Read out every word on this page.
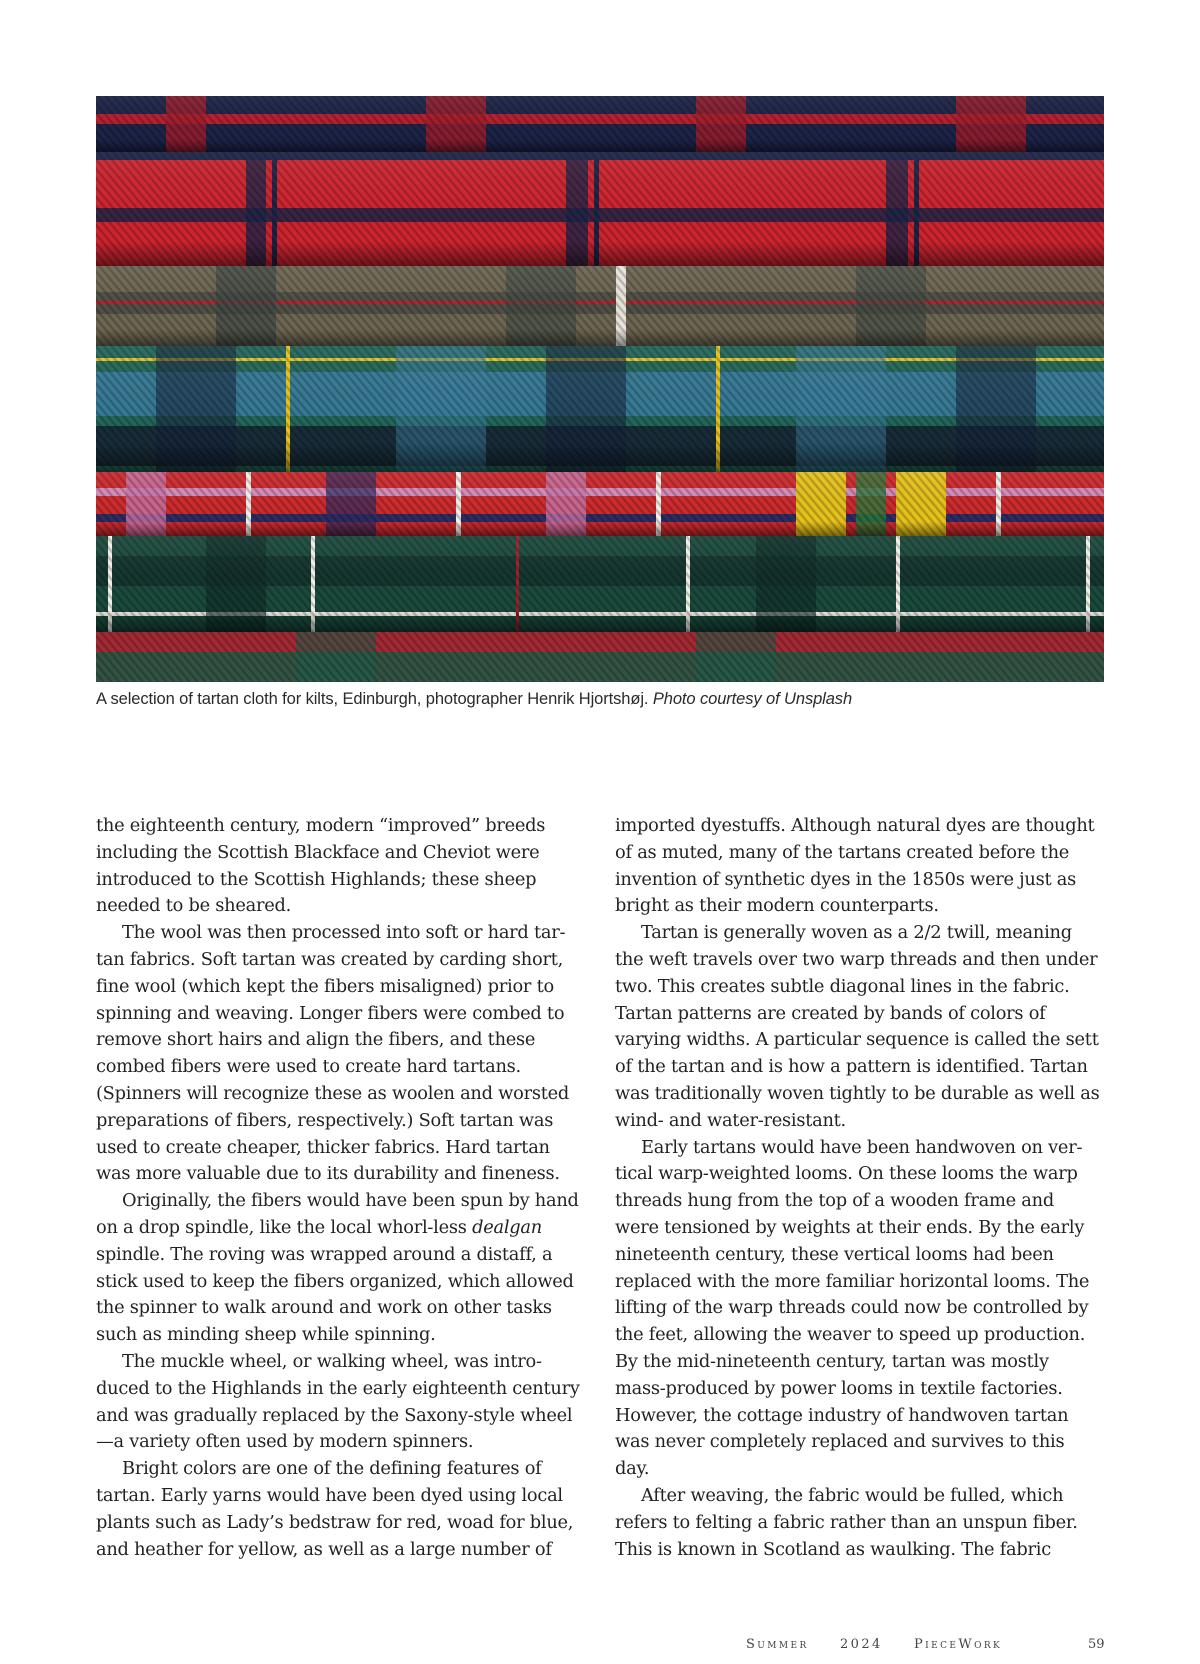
A selection of tartan cloth for kilts, Edinburgh, photographer Henrik Hjortshøj. Photo courtesy of Unsplash

the eighteenth century, modern “improved” breeds including the Scottish Blackface and Cheviot were introduced to the Scottish Highlands; these sheep needed to be sheared.

The wool was then processed into soft or hard tartan fabrics. Soft tartan was created by carding short, fine wool (which kept the fibers misaligned) prior to spinning and weaving. Longer fibers were combed to remove short hairs and align the fibers, and these combed fibers were used to create hard tartans. (Spinners will recognize these as woolen and worsted preparations of fibers, respectively.) Soft tartan was used to create cheaper, thicker fabrics. Hard tartan was more valuable due to its durability and fineness.

Originally, the fibers would have been spun by hand on a drop spindle, like the local whorl-less dealgan spindle. The roving was wrapped around a distaff, a stick used to keep the fibers organized, which allowed the spinner to walk around and work on other tasks such as minding sheep while spinning.

The muckle wheel, or walking wheel, was introduced to the Highlands in the early eighteenth century and was gradually replaced by the Saxony-style wheel—a variety often used by modern spinners.

Bright colors are one of the defining features of tartan. Early yarns would have been dyed using local plants such as Lady’s bedstraw for red, woad for blue, and heather for yellow, as well as a large number of

imported dyestuffs. Although natural dyes are thought of as muted, many of the tartans created before the invention of synthetic dyes in the 1850s were just as bright as their modern counterparts.

Tartan is generally woven as a 2/2 twill, meaning the weft travels over two warp threads and then under two. This creates subtle diagonal lines in the fabric. Tartan patterns are created by bands of colors of varying widths. A particular sequence is called the sett of the tartan and is how a pattern is identified. Tartan was traditionally woven tightly to be durable as well as wind- and water-resistant.

Early tartans would have been handwoven on vertical warp-weighted looms. On these looms the warp threads hung from the top of a wooden frame and were tensioned by weights at their ends. By the early nineteenth century, these vertical looms had been replaced with the more familiar horizontal looms. The lifting of the warp threads could now be controlled by the feet, allowing the weaver to speed up production. By the mid-nineteenth century, tartan was mostly mass-produced by power looms in textile factories. However, the cottage industry of handwoven tartan was never completely replaced and survives to this day.

After weaving, the fabric would be fulled, which refers to felting a fabric rather than an unspun fiber. This is known in Scotland as waulking. The fabric

Summer 2024 PieceWork	59
